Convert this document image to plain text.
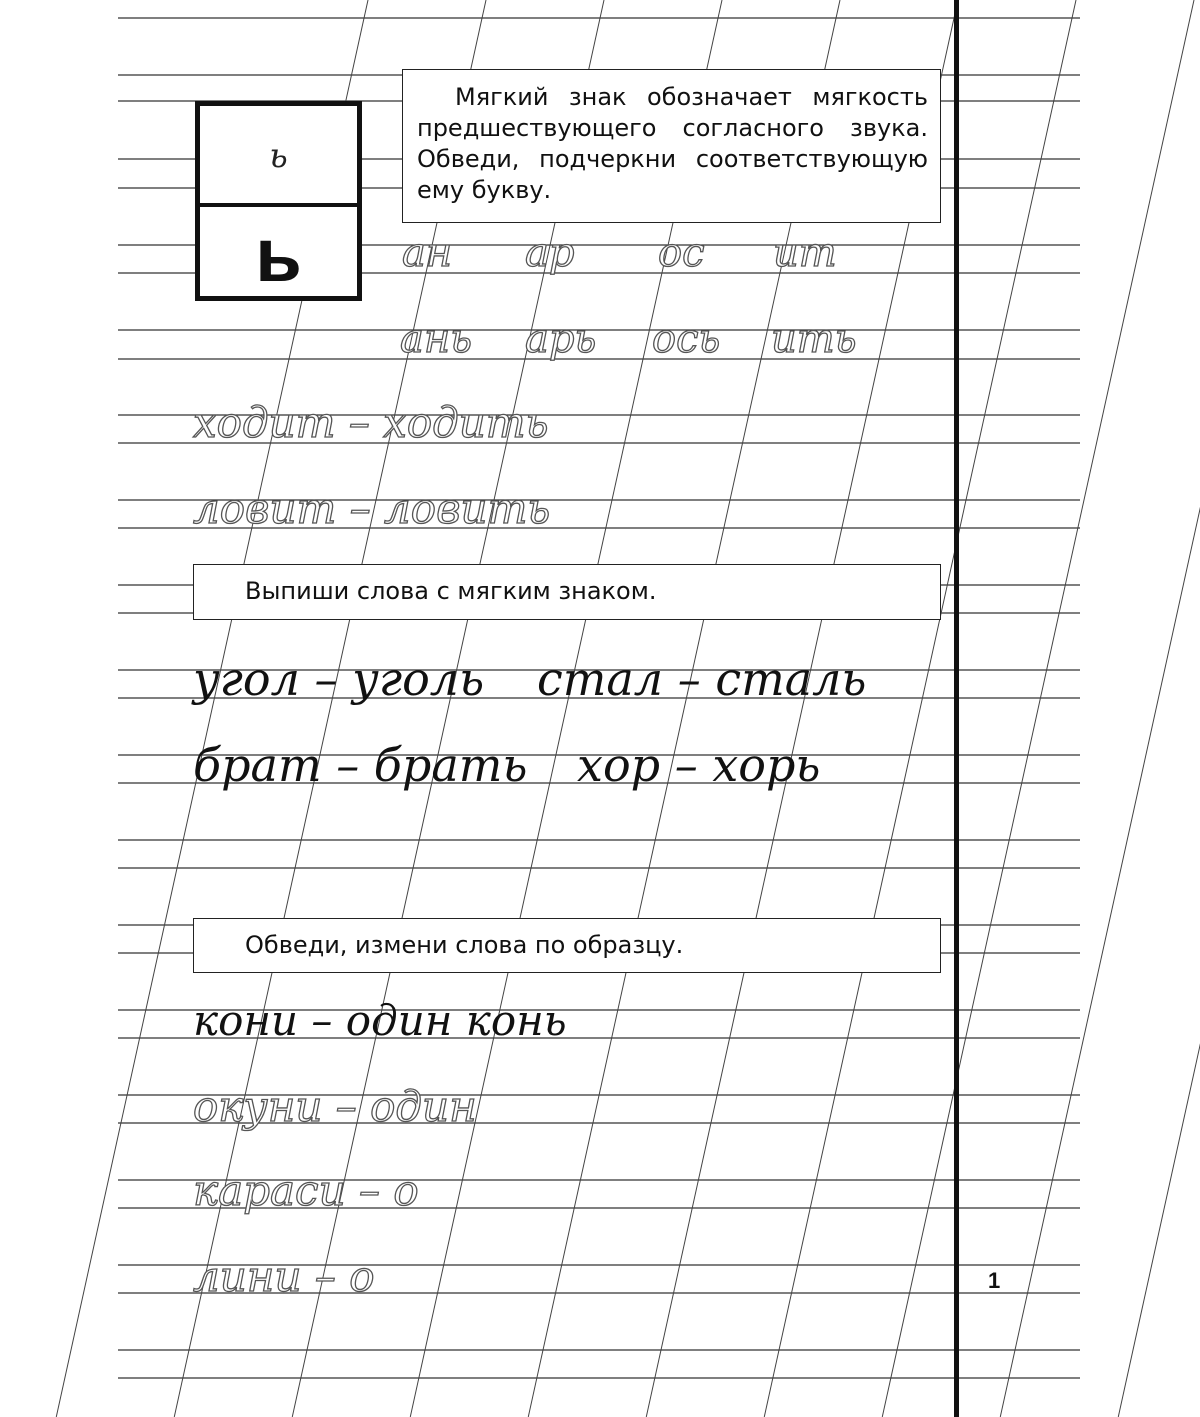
ь
ь
Мягкий знак обозначает мягкость предшествующего согласного звука. Обведи, подчеркни соответствующую ему букву.
Выпиши слова с мягким знаком.
Обведи, измени слова по образцу.
ан ар ос ит
ань арь ось ить
ходит – ходить
ловит – ловить
угол – уголь стал – сталь
брат – брать хор – хорь
кони – один конь
окуни – один
караси – о
лини – о	1
